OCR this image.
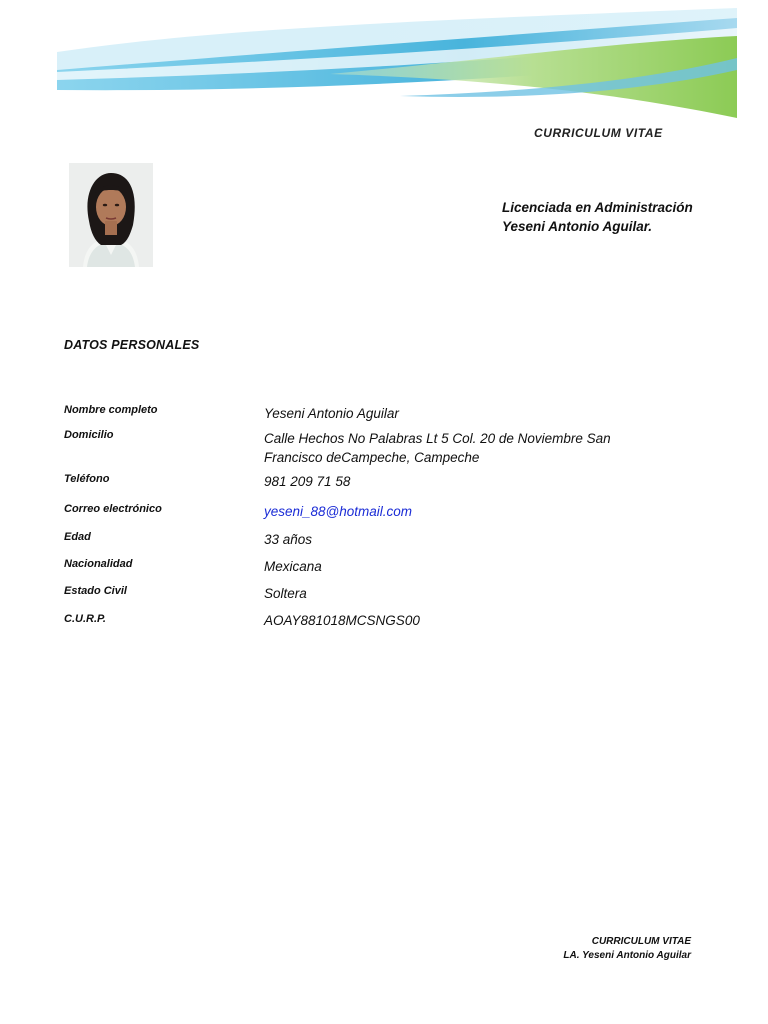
CURRICULUM VITAE
Licenciada en Administración
Yeseni Antonio Aguilar.
DATOS PERSONALES
Nombre completo	Yeseni Antonio Aguilar
Domicilio	Calle Hechos No Palabras Lt 5 Col. 20 de Noviembre San Francisco deCampeche, Campeche
Teléfono	981 209 71 58
Correo electrónico	yeseni_88@hotmail.com
Edad	33 años
Nacionalidad	Mexicana
Estado Civil	Soltera
C.U.R.P.	AOAY881018MCSNGS00
CURRICULUM VITAE
LA. Yeseni Antonio Aguilar
